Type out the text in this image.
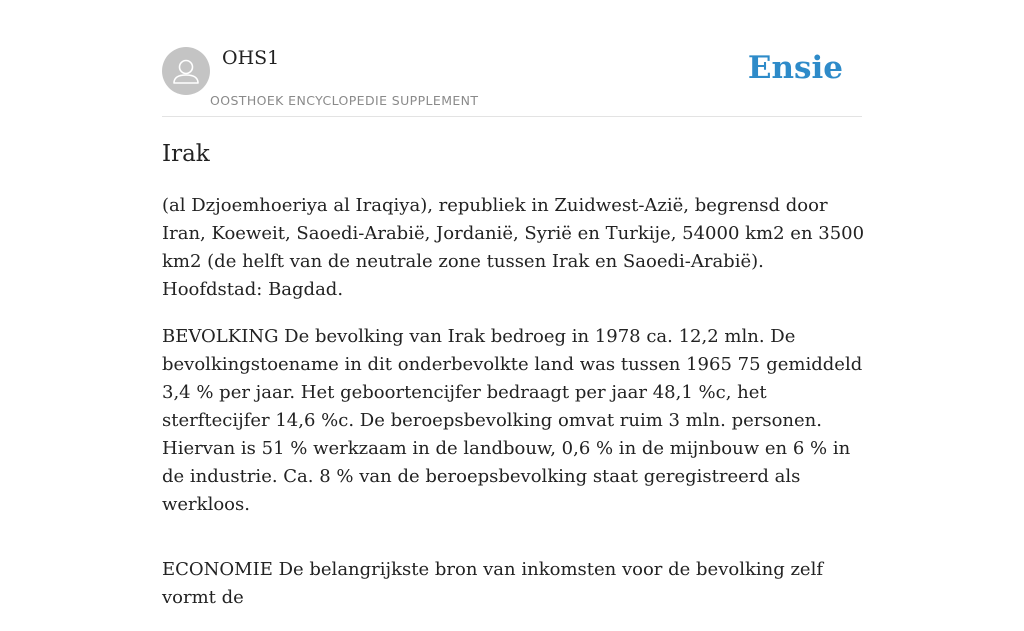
OHS1
OOSTHOEK ENCYCLOPEDIE SUPPLEMENT
Ensie
Irak

(al Dzjoemhoeriya al Iraqiya), republiek in Zuidwest-Azië, begrensd door Iran, Koeweit, Saoedi-Arabië, Jordanië, Syrië en Turkije, 54000 km2 en 3500 km2 (de helft van de neutrale zone tussen Irak en Saoedi-Arabië). Hoofdstad: Bagdad.

BEVOLKING De bevolking van Irak bedroeg in 1978 ca. 12,2 mln. De bevolkingstoename in dit onderbevolkte land was tussen 1965 75 gemiddeld 3,4 % per jaar. Het geboortencijfer bedraagt per jaar 48,1 %c, het sterftecijfer 14,6 %c. De beroepsbevolking omvat ruim 3 mln. personen. Hiervan is 51 % werkzaam in de landbouw, 0,6 % in de mijnbouw en 6 % in de industrie. Ca. 8 % van de beroepsbevolking staat geregistreerd als werkloos.

ECONOMIE De belangrijkste bron van inkomsten voor de bevolking zelf vormt de
